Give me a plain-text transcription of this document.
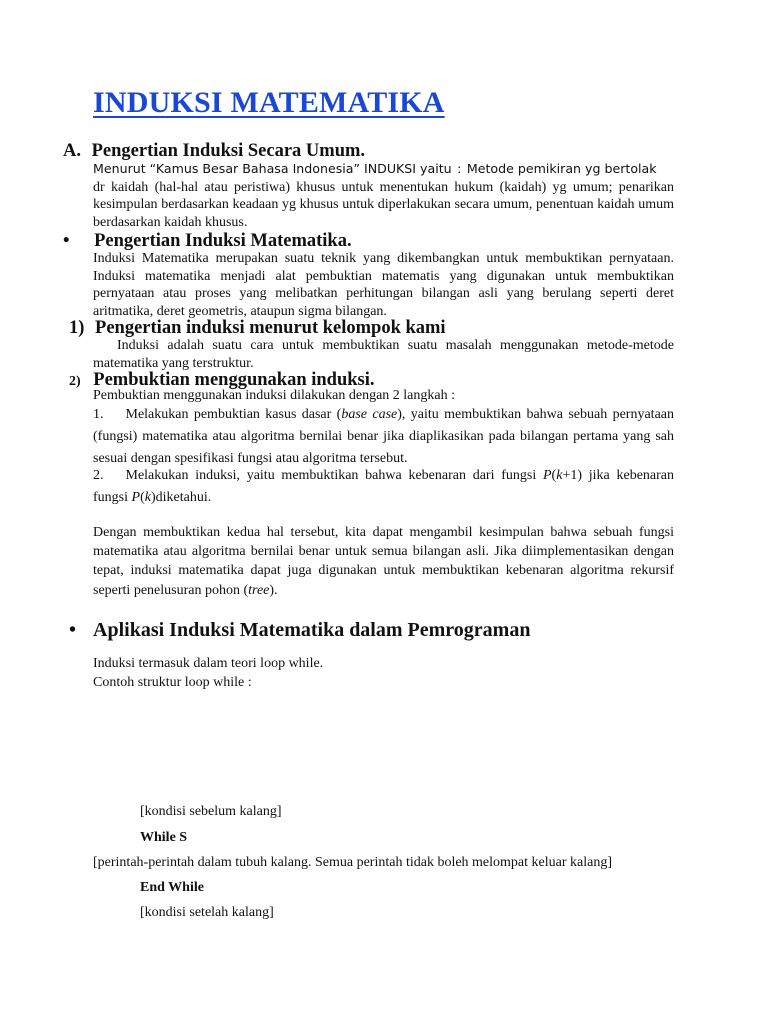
INDUKSI MATEMATIKA
A. Pengertian Induksi Secara Umum.
Menurut “Kamus Besar Bahasa Indonesia” INDUKSI yaitu : Metode pemikiran yg bertolak
dr kaidah (hal-hal atau peristiwa) khusus untuk menentukan hukum (kaidah) yg umum; penarikan kesimpulan berdasarkan keadaan yg khusus untuk diperlakukan secara umum, penentuan kaidah umum berdasarkan kaidah khusus.
• Pengertian Induksi Matematika.
Induksi Matematika merupakan suatu teknik yang dikembangkan untuk membuktikan pernyataan. Induksi matematika menjadi alat pembuktian matematis yang digunakan untuk membuktikan pernyataan atau proses yang melibatkan perhitungan bilangan asli yang berulang seperti deret aritmatika, deret geometris, ataupun sigma bilangan.
1) Pengertian induksi menurut kelompok kami
Induksi adalah suatu cara untuk membuktikan suatu masalah menggunakan metode-metode matematika yang terstruktur.
2) Pembuktian menggunakan induksi.
Pembuktian menggunakan induksi dilakukan dengan 2 langkah :
1. Melakukan pembuktian kasus dasar (base case), yaitu membuktikan bahwa sebuah pernyataan (fungsi) matematika atau algoritma bernilai benar jika diaplikasikan pada bilangan pertama yang sah sesuai dengan spesifikasi fungsi atau algoritma tersebut.
2. Melakukan induksi, yaitu membuktikan bahwa kebenaran dari fungsi P(k+1) jika kebenaran fungsi P(k)diketahui.
Dengan membuktikan kedua hal tersebut, kita dapat mengambil kesimpulan bahwa sebuah fungsi matematika atau algoritma bernilai benar untuk semua bilangan asli. Jika diimplementasikan dengan tepat, induksi matematika dapat juga digunakan untuk membuktikan kebenaran algoritma rekursif seperti penelusuran pohon (tree).
• Aplikasi Induksi Matematika dalam Pemrograman
Induksi termasuk dalam teori loop while.
Contoh struktur loop while :
[kondisi sebelum kalang]
While S
[perintah-perintah dalam tubuh kalang. Semua perintah tidak boleh melompat keluar kalang]
End While
[kondisi setelah kalang]
